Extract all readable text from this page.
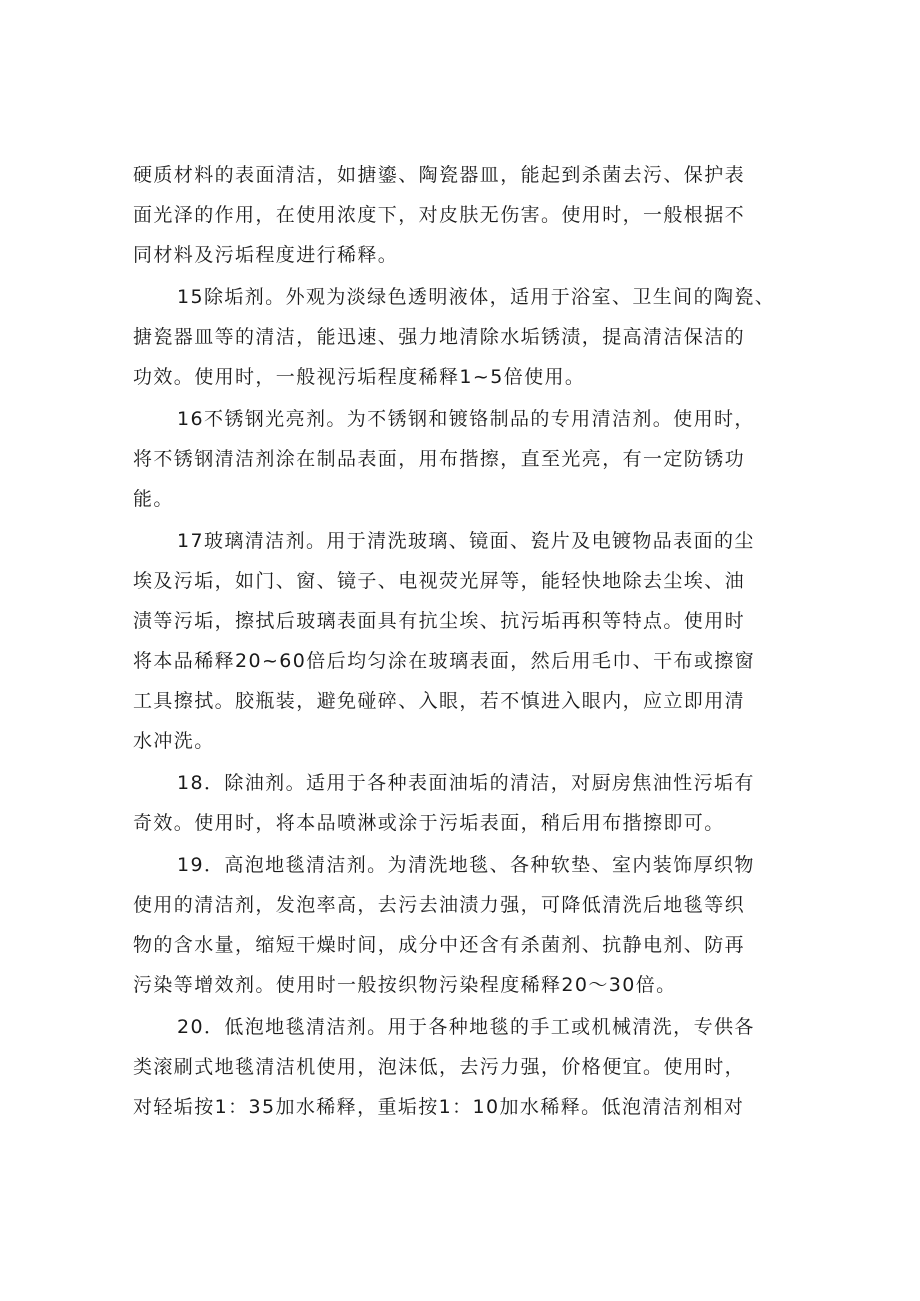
硬质材料的表面清洁，如搪鎏、陶瓷器皿，能起到杀菌去污、保护表
面光泽的作用，在使用浓度下，对皮肤无伤害。使用时，一般根据不
同材料及污垢程度进行稀释。

15除垢剂。外观为淡绿色透明液体，适用于浴室、卫生间的陶瓷、
搪瓷器皿等的清洁，能迅速、强力地清除水垢锈渍，提高清洁保洁的
功效。使用时，一般视污垢程度稀释1~5倍使用。

16不锈钢光亮剂。为不锈钢和镀铬制品的专用清洁剂。使用时，
将不锈钢清洁剂涂在制品表面，用布揩擦，直至光亮，有一定防锈功
能。

17玻璃清洁剂。用于清洗玻璃、镜面、瓷片及电镀物品表面的尘
埃及污垢，如门、窗、镜子、电视荧光屏等，能轻快地除去尘埃、油
渍等污垢，擦拭后玻璃表面具有抗尘埃、抗污垢再积等特点。使用时
将本品稀释20~60倍后均匀涂在玻璃表面，然后用毛巾、干布或擦窗
工具擦拭。胶瓶装，避免碰碎、入眼，若不慎进入眼内，应立即用清
水冲洗。

18．除油剂。适用于各种表面油垢的清洁，对厨房焦油性污垢有
奇效。使用时，将本品喷淋或涂于污垢表面，稍后用布揩擦即可。

19．高泡地毯清洁剂。为清洗地毯、各种软垫、室内装饰厚织物
使用的清洁剂，发泡率高，去污去油渍力强，可降低清洗后地毯等织
物的含水量，缩短干燥时间，成分中还含有杀菌剂、抗静电剂、防再
污染等增效剂。使用时一般按织物污染程度稀释20～30倍。

20．低泡地毯清洁剂。用于各种地毯的手工或机械清洗，专供各
类滚刷式地毯清洁机使用，泡沫低，去污力强，价格便宜。使用时，
对轻垢按1：35加水稀释，重垢按1：10加水稀释。低泡清洁剂相对
